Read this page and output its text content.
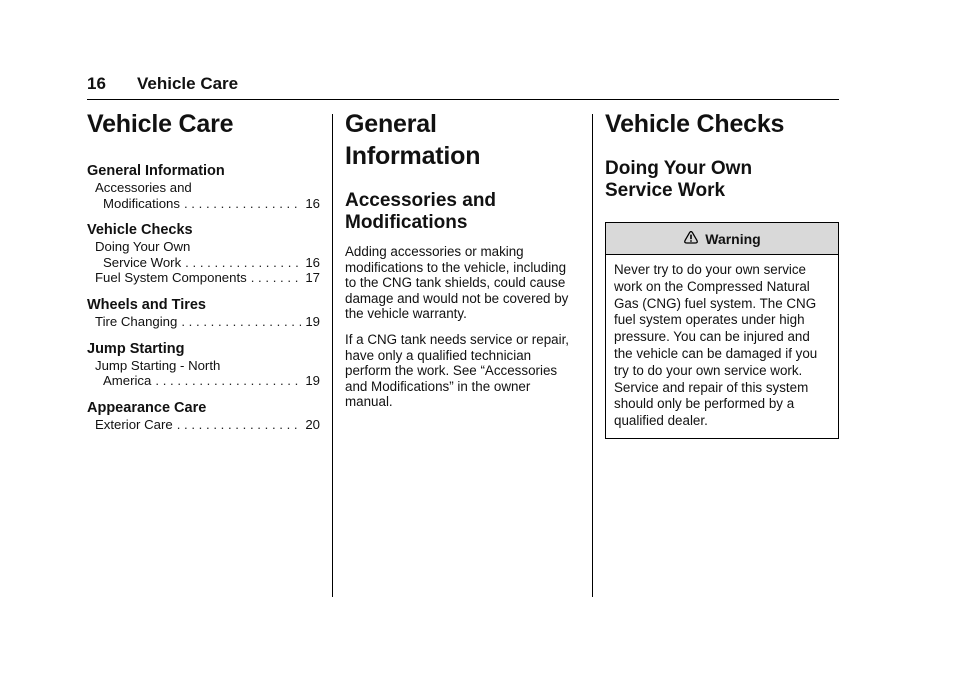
16 Vehicle Care
Vehicle Care
General Information
Accessories and
Modifications . . .	16
Vehicle Checks
Doing Your Own
Service Work . . .	16
Fuel System Components . . .	17
Wheels and Tires
Tire Changing . . .	19
Jump Starting
Jump Starting - North
America . . .	19
Appearance Care
Exterior Care . . .	20
General Information
Accessories and Modifications

Adding accessories or making modifications to the vehicle, including to the CNG tank shields, could cause damage and would not be covered by the vehicle warranty.

If a CNG tank needs service or repair, have only a qualified technician perform the work. See “Accessories and Modifications” in the owner manual.

Vehicle Checks
Doing Your Own Service Work
Warning
Never try to do your own service work on the Compressed Natural Gas (CNG) fuel system. The CNG fuel system operates under high pressure. You can be injured and the vehicle can be damaged if you try to do your own service work. Service and repair of this system should only be performed by a qualified dealer.
